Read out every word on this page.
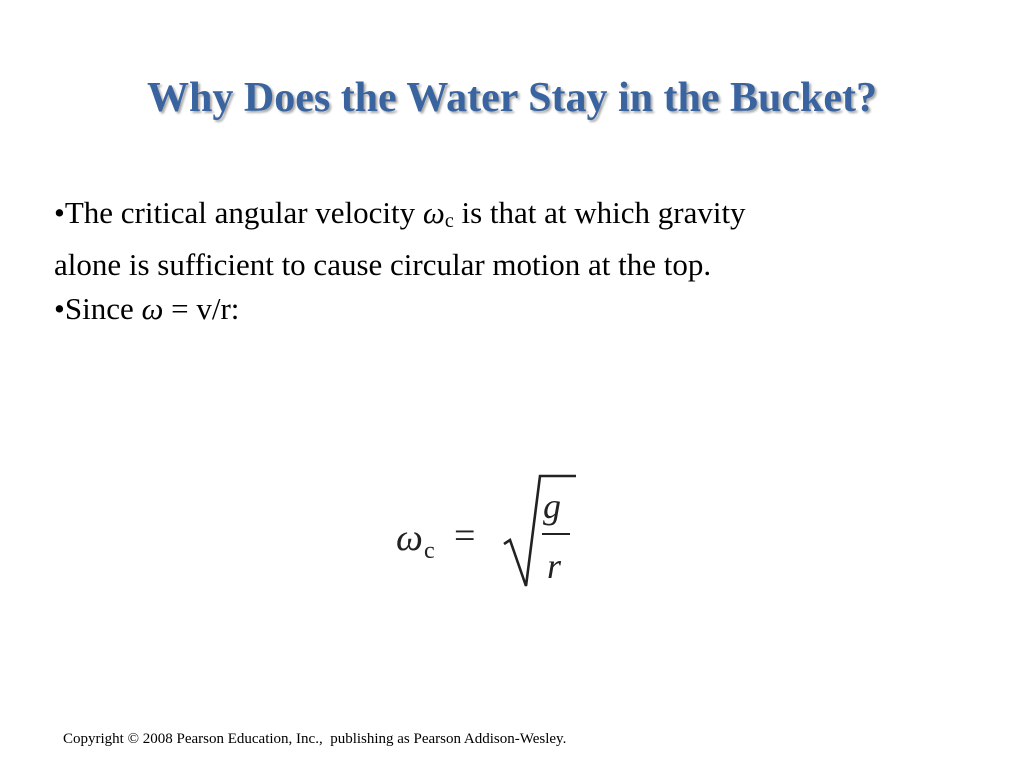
Why Does the Water Stay in the Bucket?

•The critical angular velocity $\omega_c$ is that at which gravity

alone is sufficient to cause circular motion at the top.

•Since ω = v/r:

ω c =
g
r
Copyright © 2008 Pearson Education, Inc.,  publishing as Pearson Addison-Wesley.
